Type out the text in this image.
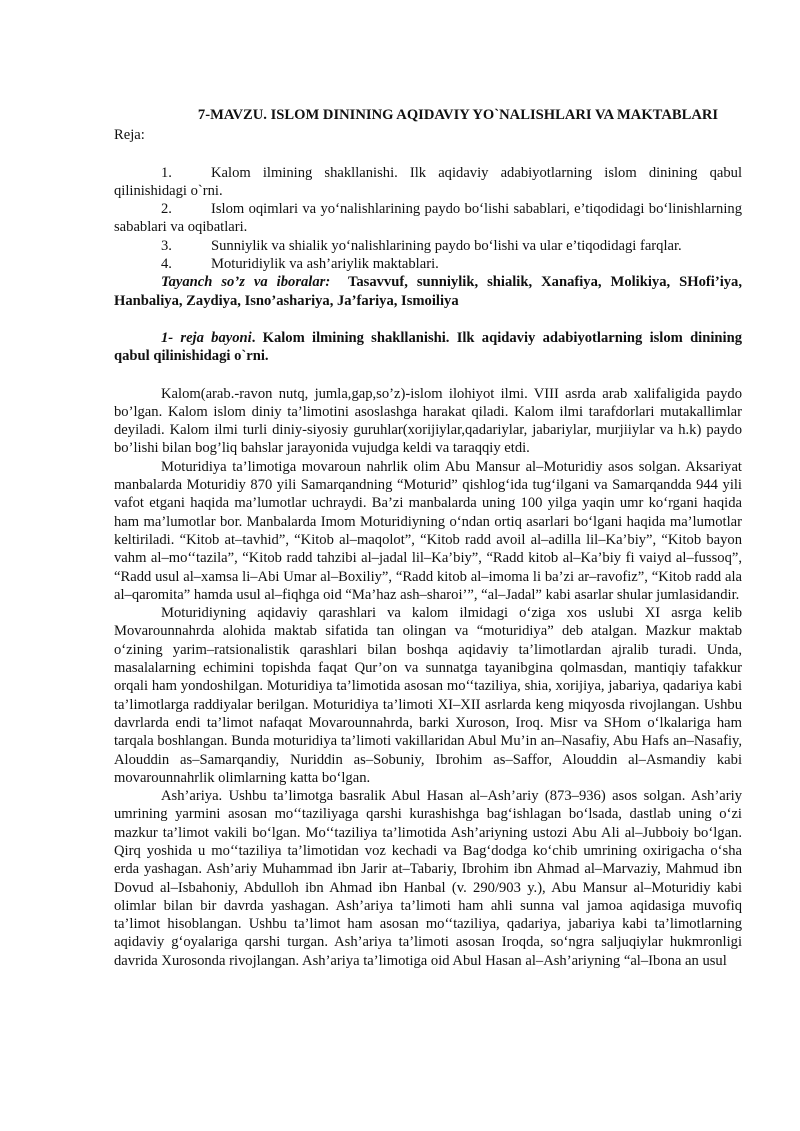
7-MAVZU. ISLOM DININING AQIDAVIY YO`NALISHLARI VA MAKTABLARI

Reja:

1.	Kalom ilmining shakllanishi. Ilk aqidaviy adabiyotlarning islom dinining qabul qilinishidagi o`rni.

2.	Islom oqimlari va yo‘nalishlarining paydo bo‘lishi sabablari, e’tiqodidagi bo‘linishlarning sabablari va oqibatlari.

3.	Sunniylik va shialik yo‘nalishlarining paydo bo‘lishi va ular e’tiqodidagi farqlar.

4.	Moturidiylik va ash’ariylik maktablari.

Tayanch so’z va iboralar: Tasavvuf, sunniylik, shialik, Xanafiya, Molikiya, SHofi’iya, Hanbaliya, Zaydiya, Isno’ashariya, Ja’fariya, Ismoiliya

1- reja bayoni. Kalom ilmining shakllanishi. Ilk aqidaviy adabiyotlarning islom dinining qabul qilinishidagi o`rni.

Kalom(arab.-ravon nutq, jumla,gap,so’z)-islom ilohiyot ilmi. VIII asrda arab xalifaligida paydo bo’lgan. Kalom islom diniy ta’limotini asoslashga harakat qiladi. Kalom ilmi tarafdorlari mutakallimlar deyiladi. Kalom ilmi turli diniy-siyosiy guruhlar(xorijiylar,qadariylar, jabariylar, murjiiylar va h.k) paydo bo’lishi bilan bog’liq bahslar jarayonida vujudga keldi va taraqqiy etdi.

Moturidiya ta’limotiga movaroun nahrlik olim Abu Mansur al–Moturidiy asos solgan. Aksariyat manbalarda Moturidiy 870 yili Samarqandning “Moturid” qishlog‘ida tug‘ilgani va Samarqandda 944 yili vafot etgani haqida ma’lumotlar uchraydi. Ba’zi manbalarda uning 100 yilga yaqin umr ko‘rgani haqida ham ma’lumotlar bor. Manbalarda Imom Moturidiyning o‘ndan ortiq asarlari bo‘lgani haqida ma’lumotlar keltiriladi. “Kitob at–tavhid”, “Kitob al–maqolot”, “Kitob radd avoil al–adilla lil–Ka’biy”, “Kitob bayon vahm al–mo‘‘tazila”, “Kitob radd tahzibi al–jadal lil–Ka’biy”, “Radd kitob al–Ka’biy fi vaiyd al–fussoq”, “Radd usul al–xamsa li–Abi Umar al–Boxiliy”, “Radd kitob al–imoma li ba’zi ar–ravofiz”, “Kitob radd ala al–qaromita” hamda usul al–fiqhga oid “Ma’haz ash–sharoi’”, “al–Jadal” kabi asarlar shular jumlasidandir.

Moturidiyning aqidaviy qarashlari va kalom ilmidagi o‘ziga xos uslubi XI asrga kelib Movarounnahrda alohida maktab sifatida tan olingan va “moturidiya” deb atalgan. Mazkur maktab o‘zining yarim–ratsionalistik qarashlari bilan boshqa aqidaviy ta’limotlardan ajralib turadi. Unda, masalalarning echimini topishda faqat Qur’on va sunnatga tayanibgina qolmasdan, mantiqiy tafakkur orqali ham yondoshilgan. Moturidiya ta’limotida asosan mo‘‘taziliya, shia, xorijiya, jabariya, qadariya kabi ta’limotlarga raddiyalar berilgan. Moturidiya ta’limoti XI–XII asrlarda keng miqyosda rivojlangan. Ushbu davrlarda endi ta’limot nafaqat Movarounnahrda, barki Xuroson, Iroq. Misr va SHom o‘lkalariga ham tarqala boshlangan. Bunda moturidiya ta’limoti vakillaridan Abul Mu’in an–Nasafiy, Abu Hafs an–Nasafiy, Alouddin as–Samarqandiy, Nuriddin as–Sobuniy, Ibrohim as–Saffor, Alouddin al–Asmandiy kabi movarounnahrlik olimlarning katta bo‘lgan.

Ash’ariya. Ushbu ta’limotga basralik Abul Hasan al–Ash’ariy (873–936) asos solgan. Ash’ariy umrining yarmini asosan mo‘‘taziliyaga qarshi kurashishga bag‘ishlagan bo‘lsada, dastlab uning o‘zi mazkur ta’limot vakili bo‘lgan. Mo‘‘taziliya ta’limotida Ash’ariyning ustozi Abu Ali al–Jubboiy bo‘lgan. Qirq yoshida u mo‘‘taziliya ta’limotidan voz kechadi va Bag‘dodga ko‘chib umrining oxirigacha o‘sha erda yashagan. Ash’ariy Muhammad ibn Jarir at–Tabariy, Ibrohim ibn Ahmad al–Marvaziy, Mahmud ibn Dovud al–Isbahoniy, Abdulloh ibn Ahmad ibn Hanbal (v. 290/903 y.), Abu Mansur al–Moturidiy kabi olimlar bilan bir davrda yashagan. Ash’ariya ta’limoti ham ahli sunna val jamoa aqidasiga muvofiq ta’limot hisoblangan. Ushbu ta’limot ham asosan mo‘‘taziliya, qadariya, jabariya kabi ta’limotlarning aqidaviy g‘oyalariga qarshi turgan. Ash’ariya ta’limoti asosan Iroqda, so‘ngra saljuqiylar hukmronligi davrida Xurosonda rivojlangan. Ash’ariya ta’limotiga oid Abul Hasan al–Ash’ariyning “al–Ibona an usul
